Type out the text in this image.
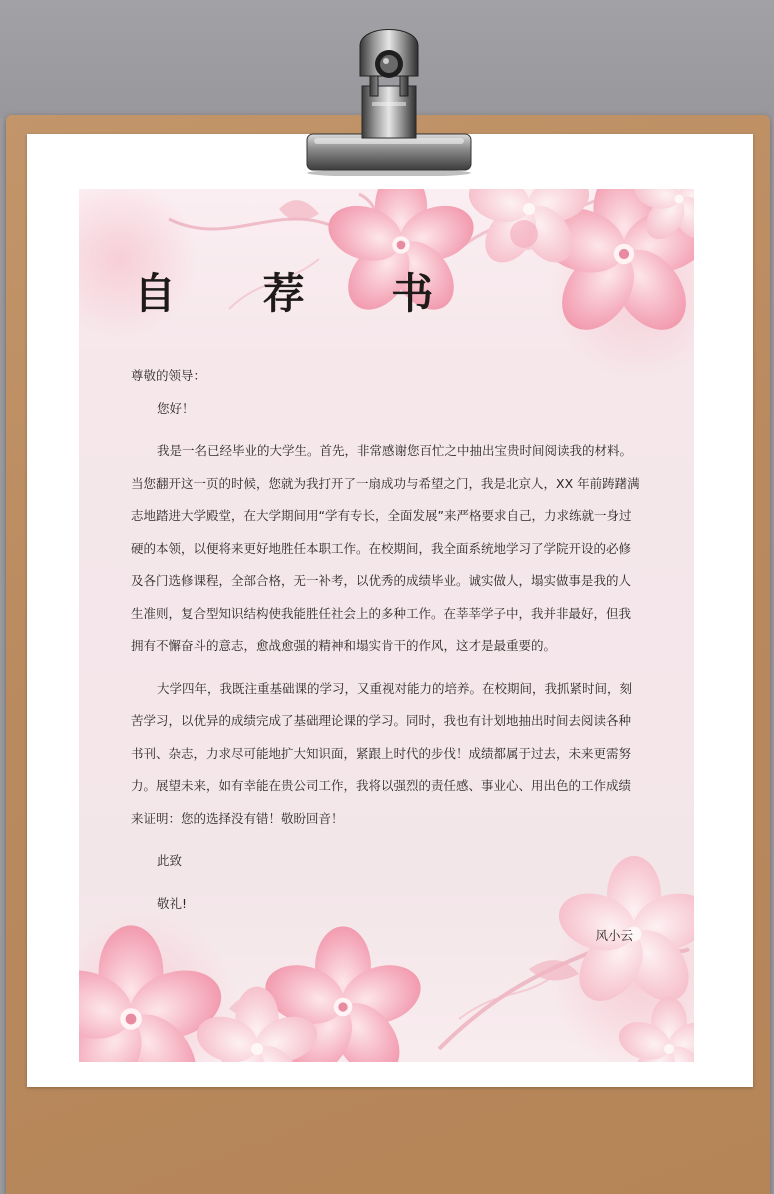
自 荐 书

尊敬的领导：

您好！

我是一名已经毕业的大学生。首先，非常感谢您百忙之中抽出宝贵时间阅读我的材料。当您翻开这一页的时候，您就为我打开了一扇成功与希望之门，我是北京人，XX 年前踌躇满志地踏进大学殿堂，在大学期间用“学有专长，全面发展”来严格要求自己，力求练就一身过硬的本领，以便将来更好地胜任本职工作。在校期间，我全面系统地学习了学院开设的必修及各门选修课程，全部合格，无一补考，以优秀的成绩毕业。诚实做人，塌实做事是我的人生准则，复合型知识结构使我能胜任社会上的多种工作。在莘莘学子中，我并非最好，但我拥有不懈奋斗的意志，愈战愈强的精神和塌实肯干的作风，这才是最重要的。

大学四年，我既注重基础课的学习，又重视对能力的培养。在校期间，我抓紧时间，刻苦学习，以优异的成绩完成了基础理论课的学习。同时，我也有计划地抽出时间去阅读各种书刊、杂志，力求尽可能地扩大知识面，紧跟上时代的步伐！成绩都属于过去，未来更需努力。展望未来，如有幸能在贵公司工作，我将以强烈的责任感、事业心、用出色的工作成绩来证明：您的选择没有错！敬盼回音！

此致

敬礼!

风小云
